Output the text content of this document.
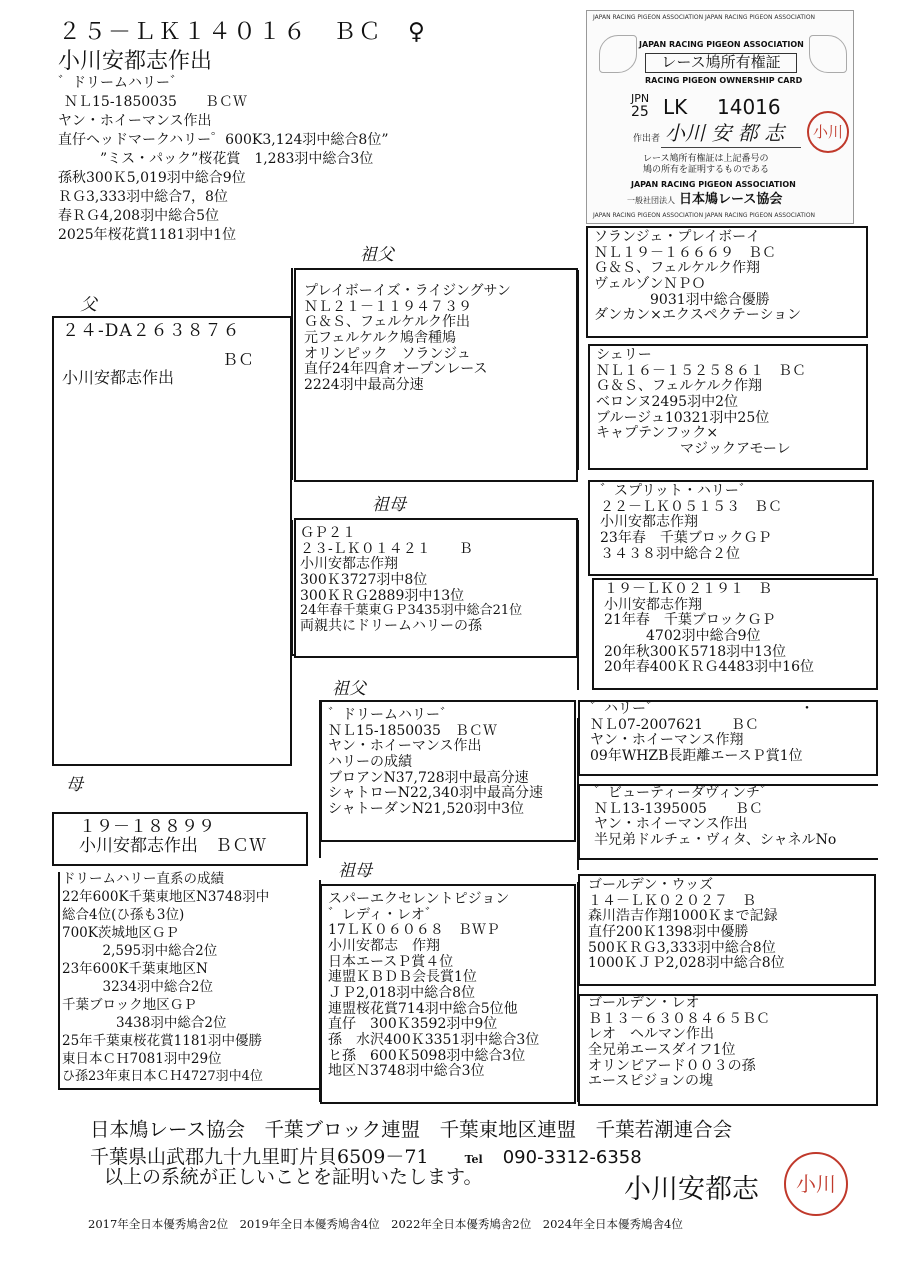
２５－ＬＫ１４０１６　ＢＣ　♀
小川安都志作出
゛ドリームハリー゛
ＮＬ15-1850035　　ＢＣＷ
ヤン・ホイーマンス作出
直仔ヘッドマークハリー゜600K3,124羽中総合8位”
　　　”ミス・パック”桜花賞　1,283羽中総合3位
孫秋300Ｋ5,019羽中総合9位
ＲＧ3,333羽中総合7，8位
春ＲＧ4,208羽中総合5位
2025年桜花賞1181羽中1位
JAPAN RACING PIGEON ASSOCIATION JAPAN RACING PIGEON ASSOCIATION
JAPAN RACING PIGEON ASSOCIATION
レース鳩所有権証
RACING PIGEON OWNERSHIP CARD
JPN
25 LK 14016
作出者 小川 安 都 志	小川
レース鳩所有権証は上記番号の
鳩の所有を証明するものである
JAPAN RACING PIGEON ASSOCIATION
一般社団法人 日本鳩レース協会
JAPAN RACING PIGEON ASSOCIATION JAPAN RACING PIGEON ASSOCIATION
父
母
祖父
祖母
祖父
祖母
２４-DA２６３８７６
　　　　　　　　　　ＢＣ
小川安都志作出
　１９－１８８９９
　小川安都志作出　ＢＣＷ
ドリームハリー直系の成績
22年600K千葉東地区N3748羽中
総合4位(ひ孫も3位)
700K茨城地区ＧＰ
　　　2,595羽中総合2位
23年600K千葉東地区N
　　　3234羽中総合2位
千葉ブロック地区ＧＰ
　　　　3438羽中総合2位
25年千葉東桜花賞1181羽中優勝
東日本ＣＨ7081羽中29位
ひ孫23年東日本ＣＨ4727羽中4位
プレイボーイズ・ライジングサン
ＮＬ２１－１１９４７３９
Ｇ＆Ｓ、フェルケルク作出
元フェルケルク鳩舎種鳩
オリンピック　ソランジュ
直仔24年四倉オープンレース
2224羽中最高分速
ＧＰ２１
２３-ＬＫ０１４２１　　Ｂ
小川安都志作翔
300Ｋ3727羽中8位
300ＫＲＧ2889羽中13位
24年春千葉東ＧＰ3435羽中総合21位
両親共にドリームハリーの孫
゛ドリームハリー゛
ＮＬ15-1850035　ＢＣＷ
ヤン・ホイーマンス作出
ハリーの成績
ブロアンN37,728羽中最高分速
シャトローN22,340羽中最高分速
シャトーダンN21,520羽中3位
スパーエクセレントピジョン
゛レディ・レオ゛
17ＬＫ０６０６８　ＢＷＰ
小川安都志　作翔
日本エースＰ賞４位
連盟ＫＢＤＢ会長賞1位
ＪＰ2,018羽中総合8位
連盟桜花賞714羽中総合5位他
直仔　300Ｋ3592羽中9位
孫　水沢400Ｋ3351羽中総合3位
ヒ孫　600Ｋ5098羽中総合3位
地区Ｎ3748羽中総合3位
ソランジェ・プレイボーイ
ＮＬ１９－１６６６９　ＢＣ
Ｇ＆Ｓ、フェルケルク作翔
ヴェルゾンＮＰＯ
　　　　9031羽中総合優勝
ダンカン×エクスペクテーション
シェリー
ＮＬ１６－１５２５８６１　ＢＣ
Ｇ＆Ｓ、フェルケルク作翔
ベロンヌ2495羽中2位
ブルージュ10321羽中25位
キャプテンフック×
　　　　　　マジックアモーレ
゛スプリット・ハリー゛
２２－ＬＫ０５１５３　ＢＣ
小川安都志作翔
23年春　千葉ブロックＧＰ
３４３８羽中総合２位
１９－ＬＫ０２１９１　Ｂ
小川安都志作翔
21年春　千葉ブロックＧＰ
　　　4702羽中総合9位
20年秋300Ｋ5718羽中13位
20年春400ＫＲＧ4483羽中16位
゛ハリー゛　　　　　　　　　　・
ＮＬ07-2007621　　ＢＣ
ヤン・ホイーマンス作翔
09年WHZB長距離エースＰ賞1位
゛ビューティーダヴィンチ゛
ＮＬ13-1395005　　ＢＣ
ヤン・ホイーマンス作出
半兄弟ドルチェ・ヴィタ、シャネルNo
ゴールデン・ウッズ
１４－ＬＫ０２０２７　Ｂ
森川浩吉作翔1000Ｋまで記録
直仔200Ｋ1398羽中優勝
500ＫＲＧ3,333羽中総合8位
1000ＫＪＰ2,028羽中総合8位
ゴールデン・レオ
Ｂ１３－６３０８４６５ＢＣ
レオ　ヘルマン作出
全兄弟エースダイフ1位
オリンピアード００３の孫
エースピジョンの塊
日本鳩レース協会　千葉ブロック連盟　千葉東地区連盟　千葉若潮連合会
千葉県山武郡九十九里町片貝6509－71	Tel 090-3312-6358
以上の系統が正しいことを証明いたします。	小川安都志	小川
2017年全日本優秀鳩舎2位　2019年全日本優秀鳩舎4位　2022年全日本優秀鳩舎2位　2024年全日本優秀鳩舎4位
